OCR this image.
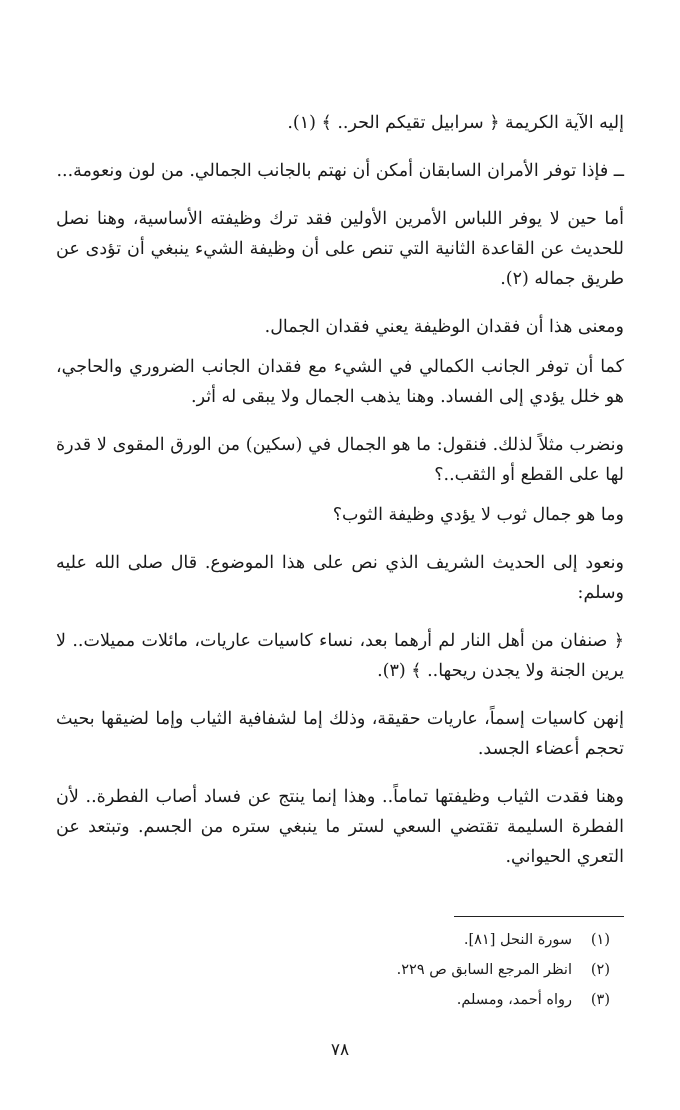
إليه الآية الكريمة ﴿ سرابيل تقيكم الحر.. ﴾ (١).

ــ فإذا توفر الأمران السابقان أمكن أن نهتم بالجانب الجمالي. من لون ونعومة...

أما حين لا يوفر اللباس الأمرين الأولين فقد ترك وظيفته الأساسية، وهنا نصل للحديث عن القاعدة الثانية التي تنص على أن وظيفة الشيء ينبغي أن تؤدى عن طريق جماله (٢).

ومعنى هذا أن فقدان الوظيفة يعني فقدان الجمال.

كما أن توفر الجانب الكمالي في الشيء مع فقدان الجانب الضروري والحاجي، هو خلل يؤدي إلى الفساد. وهنا يذهب الجمال ولا يبقى له أثر.

ونضرب مثلاً لذلك. فنقول: ما هو الجمال في (سكين) من الورق المقوى لا قدرة لها على القطع أو الثقب..؟

وما هو جمال ثوب لا يؤدي وظيفة الثوب؟

ونعود إلى الحديث الشريف الذي نص على هذا الموضوع. قال صلى الله عليه وسلم:

﴿ صنفان من أهل النار لم أرهما بعد، نساء كاسيات عاريات، مائلات مميلات.. لا يرين الجنة ولا يجدن ريحها.. ﴾ (٣).

إنهن كاسيات إسماً، عاريات حقيقة، وذلك إما لشفافية الثياب وإما لضيقها بحيث تحجم أعضاء الجسد.

وهنا فقدت الثياب وظيفتها تماماً.. وهذا إنما ينتج عن فساد أصاب الفطرة.. لأن الفطرة السليمة تقتضي السعي لستر ما ينبغي ستره من الجسم. وتبتعد عن التعري الحيواني.

(١)
سورة النحل [٨١].
(٢)
انظر المرجع السابق ص ٢٢٩.
(٣)
رواه أحمد، ومسلم.
٧٨
